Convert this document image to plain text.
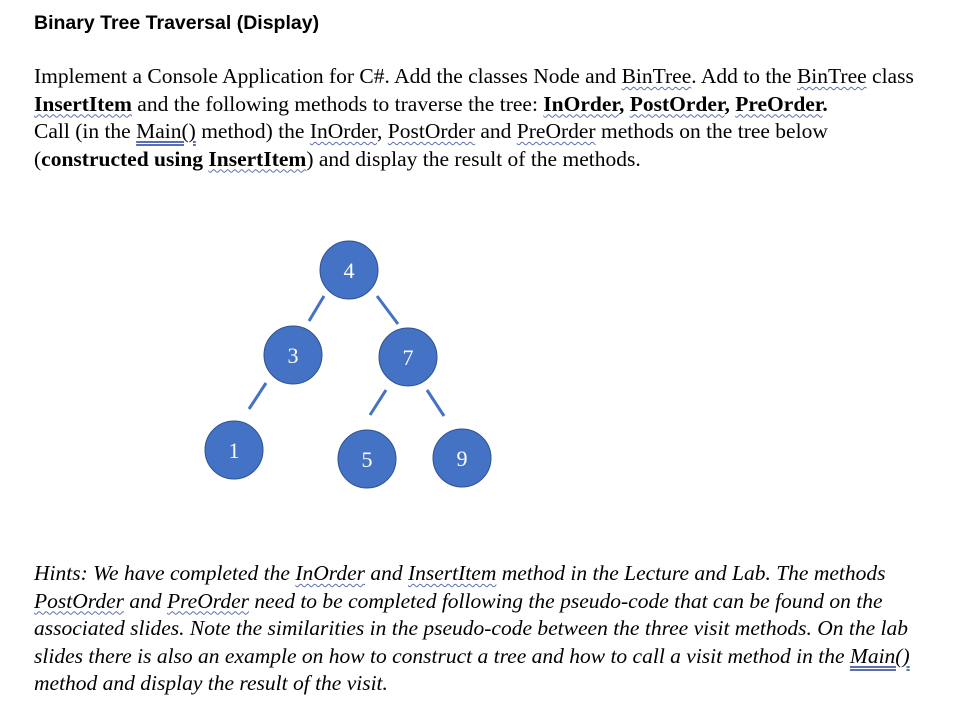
Binary Tree Traversal (Display)

Implement a Console Application for C#. Add the classes Node and BinTree. Add to the BinTree class InsertItem and the following methods to traverse the tree: InOrder, PostOrder, PreOrder.
Call (in the Main() method) the InOrder, PostOrder and PreOrder methods on the tree below (constructed using InsertItem) and display the result of the methods.

4
3	7
1	5	9

Hints: We have completed the InOrder and InsertItem method in the Lecture and Lab. The methods PostOrder and PreOrder need to be completed following the pseudo-code that can be found on the associated slides. Note the similarities in the pseudo-code between the three visit methods. On the lab slides there is also an example on how to construct a tree and how to call a visit method in the Main() method and display the result of the visit.
